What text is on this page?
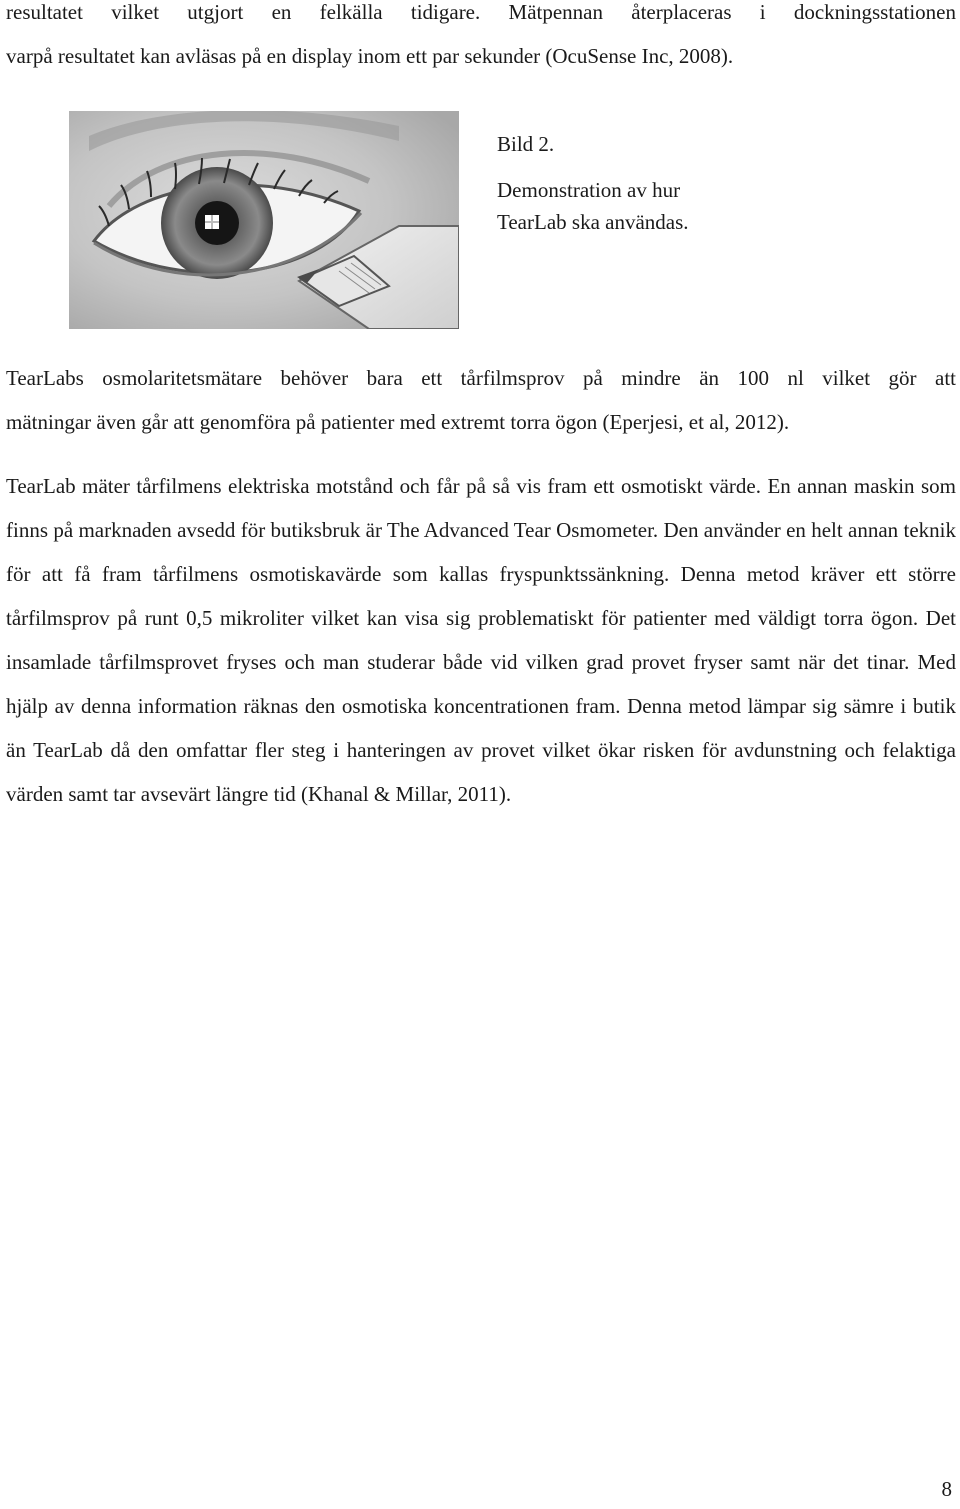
resultatet vilket utgjort en felkälla tidigare. Mätpennan återplaceras i dockningsstationen
varpå resultatet kan avläsas på en display inom ett par sekunder (OcuSense Inc, 2008).

Bild 2.
Demonstration av hur
TearLab ska användas.

TearLabs osmolaritetsmätare behöver bara ett tårfilmsprov på mindre än 100 nl vilket gör att
mätningar även går att genomföra på patienter med extremt torra ögon (Eperjesi, et al, 2012).

TearLab mäter tårfilmens elektriska motstånd och får på så vis fram ett osmotiskt värde. En annan maskin som finns på marknaden avsedd för butiksbruk är The Advanced Tear Osmometer. Den använder en helt annan teknik för att få fram tårfilmens osmotiskavärde som kallas fryspunktssänkning. Denna metod kräver ett större tårfilmsprov på runt 0,5 mikroliter vilket kan visa sig problematiskt för patienter med väldigt torra ögon. Det insamlade tårfilmsprovet fryses och man studerar både vid vilken grad provet fryser samt när det tinar. Med hjälp av denna information räknas den osmotiska koncentrationen fram. Denna metod lämpar sig sämre i butik än TearLab då den omfattar fler steg i hanteringen av provet vilket ökar risken för avdunstning och felaktiga värden samt tar avsevärt längre tid (Khanal & Millar, 2011).

8
